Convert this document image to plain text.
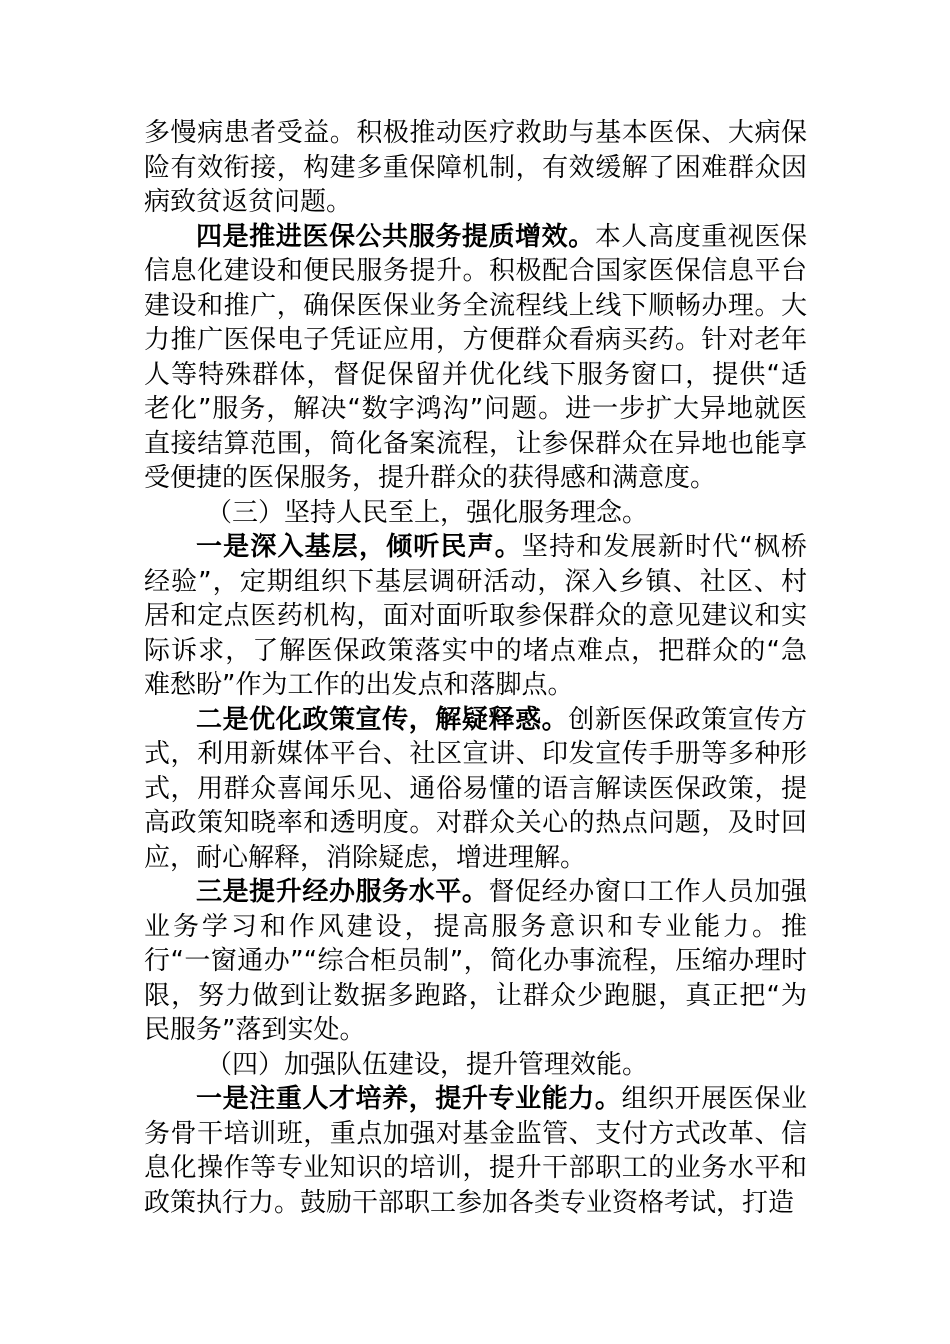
多慢病患者受益。积极推动医疗救助与基本医保、大病保险有效衔接，构建多重保障机制，有效缓解了困难群众因病致贫返贫问题。

四是推进医保公共服务提质增效。本人高度重视医保信息化建设和便民服务提升。积极配合国家医保信息平台建设和推广，确保医保业务全流程线上线下顺畅办理。大力推广医保电子凭证应用，方便群众看病买药。针对老年人等特殊群体，督促保留并优化线下服务窗口，提供“适老化”服务，解决“数字鸿沟”问题。进一步扩大异地就医直接结算范围，简化备案流程，让参保群众在异地也能享受便捷的医保服务，提升群众的获得感和满意度。

（三）坚持人民至上，强化服务理念。

一是深入基层，倾听民声。坚持和发展新时代“枫桥经验”，定期组织下基层调研活动，深入乡镇、社区、村居和定点医药机构，面对面听取参保群众的意见建议和实际诉求，了解医保政策落实中的堵点难点，把群众的“急难愁盼”作为工作的出发点和落脚点。

二是优化政策宣传，解疑释惑。创新医保政策宣传方式，利用新媒体平台、社区宣讲、印发宣传手册等多种形式，用群众喜闻乐见、通俗易懂的语言解读医保政策，提高政策知晓率和透明度。对群众关心的热点问题，及时回应，耐心解释，消除疑虑，增进理解。

三是提升经办服务水平。督促经办窗口工作人员加强业务学习和作风建设，提高服务意识和专业能力。推行“一窗通办”“综合柜员制”，简化办事流程，压缩办理时限，努力做到让数据多跑路，让群众少跑腿，真正把“为民服务”落到实处。

（四）加强队伍建设，提升管理效能。

一是注重人才培养，提升专业能力。组织开展医保业务骨干培训班，重点加强对基金监管、支付方式改革、信息化操作等专业知识的培训，提升干部职工的业务水平和政策执行力。鼓励干部职工参加各类专业资格考试，打造
